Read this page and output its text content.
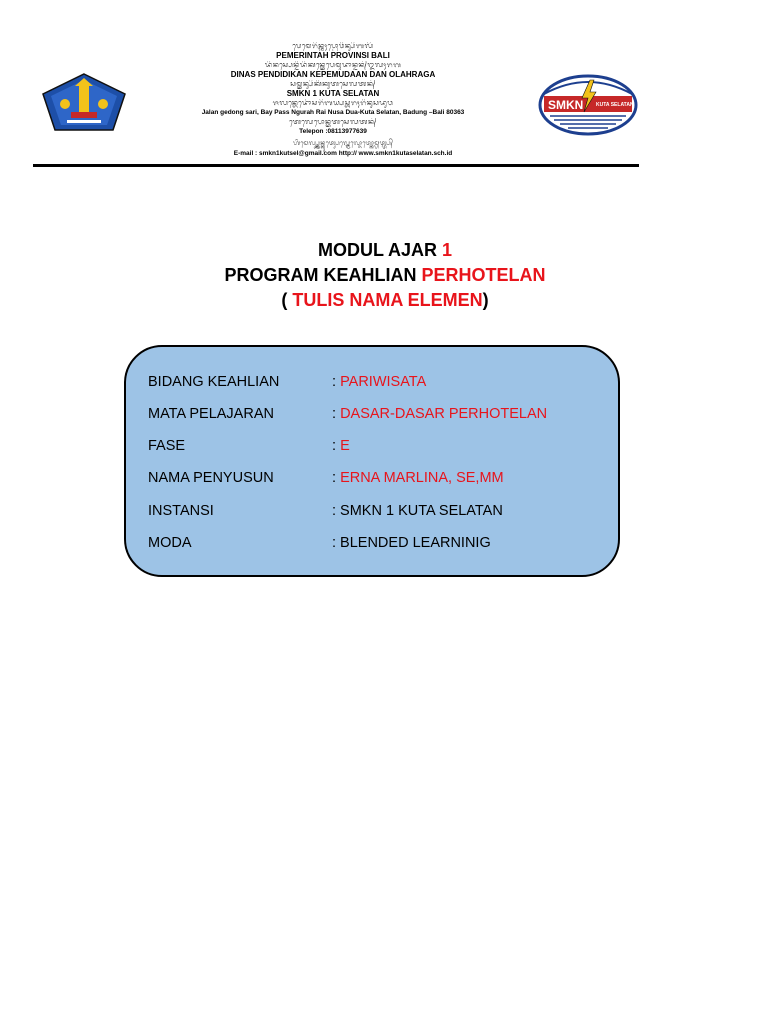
ᬧᬾᬫᬾᬭᬶᬦ᭄ᬢᬄᬧ᭄ᬭᭀᬯᬶᬦ᭄ᬲᬶᬩᬮᬶ
PEMERINTAH PROVINSI BALI
ᬤᬶᬦᬲ᭄ᬧᬾᬦ᭄ᬤᬶᬤᬶᬓᬦ᭄ᬓᬾᬧᬾᬫᬸᬤᬵᬦ᭄ᬤᬦ᭄ᬑᬮᬄᬭᬕ
DINAS PENDIDIKAN KEPEMUDAAN DAN OLAHRAGA
ᬲᬫ᭄ᬓᬦ᭄ᬲᬶᬓᬶᬓᬸᬢᬲᬾᬮᬢᬦ᭄
SMKN 1 KUTA SELATAN
ᬚᬮᬦ᭄ᬕᬾᬤᭀᬂᬲᬭᬶᬩᬬ᭄ᬧᬲ᭄ᬗᬸᬭᬄᬭᬶᬦᬸᬲᬤᬸᬯ
Jalan gedong sari, Bay Pass Ngurah Rai Nusa Dua-Kuta Selatan, Badung –Bali 80363
ᬢᬾᬮᬾᬧᭀᬦ᭄ᬓᬸᬢᬲᬾᬮᬢᬦ᭄
Telepon :08113977639
ᬳᬶᬫᬾᬮ᭄ᬲ᭄ᬫ᭄ᬓᬦ᭄ᬓᬸᬢ᭄ᬲᬾᬮ᭄ᬕ᭄ᬫᬾᬮ᭄ᬤᭀᬢ᭄ᬓᭀᬫ᭄ᬳᬢ᭄ᬢ᭄ᬧ᭄
E-mail : smkn1kutsel@gmail.com http:// www.smkn1kutaselatan.sch.id
SMKN	KUTA SELATAN
MODUL AJAR 1
PROGRAM KEAHLIAN PERHOTELAN
( TULIS NAMA ELEMEN)
BIDANG KEAHLIAN	: PARIWISATA
MATA PELAJARAN	: DASAR-DASAR PERHOTELAN
FASE	: E
NAMA PENYUSUN	: ERNA MARLINA, SE,MM
INSTANSI	: SMKN 1 KUTA SELATAN
MODA	: BLENDED LEARNINIG
